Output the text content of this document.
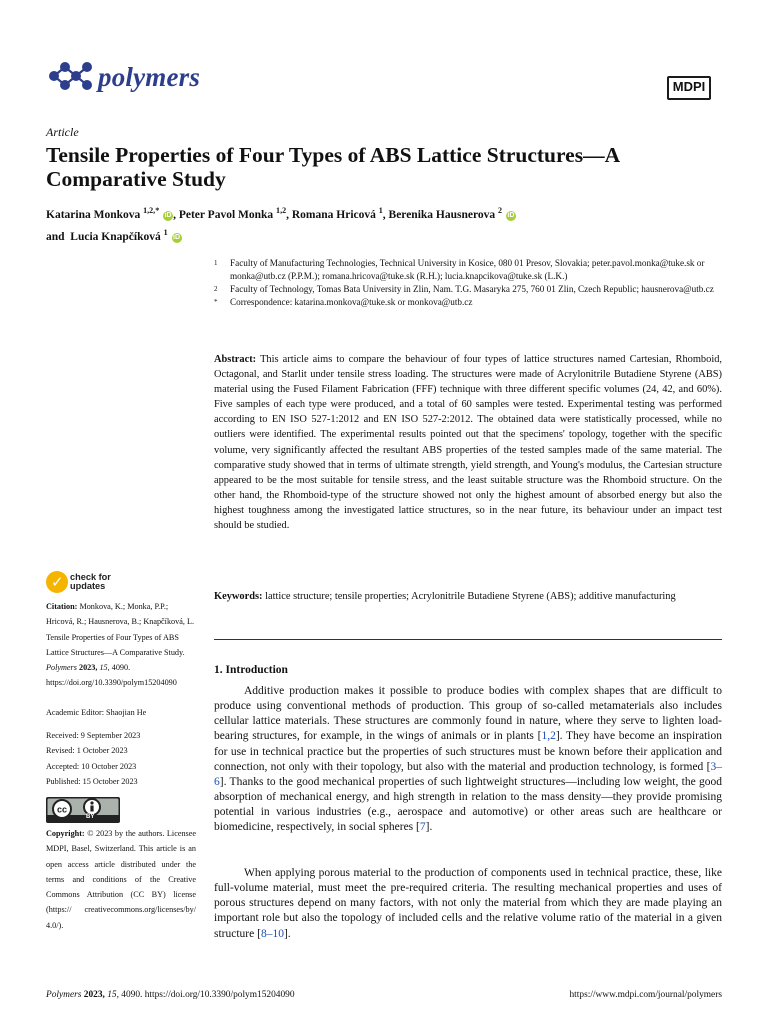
polymers	MDPI
Article
Tensile Properties of Four Types of ABS Lattice Structures—A Comparative Study
Katarina Monkova $^{1,2,*}$ iD , Peter Pavol Monka $^{1,2}$, Romana Hricová $^1$, Berenika Hausnerova $^2$ iD
and  Lucia Knapčíková $^1$ iD
1 Faculty of Manufacturing Technologies, Technical University in Kosice, 080 01 Presov, Slovakia; peter.pavol.monka@tuke.sk or monka@utb.cz (P.P.M.); romana.hricova@tuke.sk (R.H.); lucia.knapcikova@tuke.sk (L.K.)
2 Faculty of Technology, Tomas Bata University in Zlin, Nam. T.G. Masaryka 275, 760 01 Zlin, Czech Republic; hausnerova@utb.cz
* Correspondence: katarina.monkova@tuke.sk or monkova@utb.cz
Abstract: This article aims to compare the behaviour of four types of lattice structures named Cartesian, Rhomboid, Octagonal, and Starlit under tensile stress loading. The structures were made of Acrylonitrile Butadiene Styrene (ABS) material using the Fused Filament Fabrication (FFF) technique with three different specific volumes (24, 42, and 60%). Five samples of each type were produced, and a total of 60 samples were tested. Experimental testing was performed according to EN ISO 527-1:2012 and EN ISO 527-2:2012. The obtained data were statistically processed, while no outliers were identified. The experimental results pointed out that the specimens' topology, together with the specific volume, very significantly affected the resultant ABS properties of the tested samples made of the same material. The comparative study showed that in terms of ultimate strength, yield strength, and Young's modulus, the Cartesian structure appeared to be the most suitable for tensile stress, and the least suitable structure was the Rhomboid structure. On the other hand, the Rhomboid-type of the structure showed not only the highest amount of absorbed energy but also the highest toughness among the investigated lattice structures, so in the near future, its behaviour under an impact test should be studied.
Keywords: lattice structure; tensile properties; Acrylonitrile Butadiene Styrene (ABS); additive manufacturing
✓ check for
updates
Citation: Monkova, K.; Monka, P.P.; Hricová, R.; Hausnerova, B.; Knapčíková, L. Tensile Properties of Four Types of ABS Lattice Structures—A Comparative Study. Polymers 2023, 15, 4090. https://doi.org/10.3390/polym15204090
Academic Editor: Shaojian He
Received: 9 September 2023
Revised: 1 October 2023
Accepted: 10 October 2023
Published: 15 October 2023
cc
BY
Copyright: © 2023 by the authors. Licensee MDPI, Basel, Switzerland. This article is an open access article distributed under the terms and conditions of the Creative Commons Attribution (CC BY) license (https:// creativecommons.org/licenses/by/ 4.0/).
1. Introduction
Additive production makes it possible to produce bodies with complex shapes that are difficult to produce using conventional methods of production. This group of so-called metamaterials also includes cellular lattice materials. These structures are commonly found in nature, where they serve to lighten load-bearing structures, for example, in the wings of animals or in plants [1,2]. They have become an inspiration for use in technical practice but the properties of such structures must be known before their application and connection, not only with their topology, but also with the material and production technology, is formed [3–6]. Thanks to the good mechanical properties of such lightweight structures—including low weight, the good absorption of mechanical energy, and high strength in relation to the mass density—they provide promising potential in various industries (e.g., aerospace and automotive) or other areas such are healthcare or biomedicine, respectively, in social spheres [7].
When applying porous material to the production of components used in technical practice, these, like full-volume material, must meet the pre-required criteria. The resulting mechanical properties and uses of porous structures depend on many factors, with not only the material from which they are made playing an important role but also the topology of included cells and the relative volume ratio of the material in a given structure [8–10].
Polymers 2023, 15, 4090. https://doi.org/10.3390/polym15204090	https://www.mdpi.com/journal/polymers
